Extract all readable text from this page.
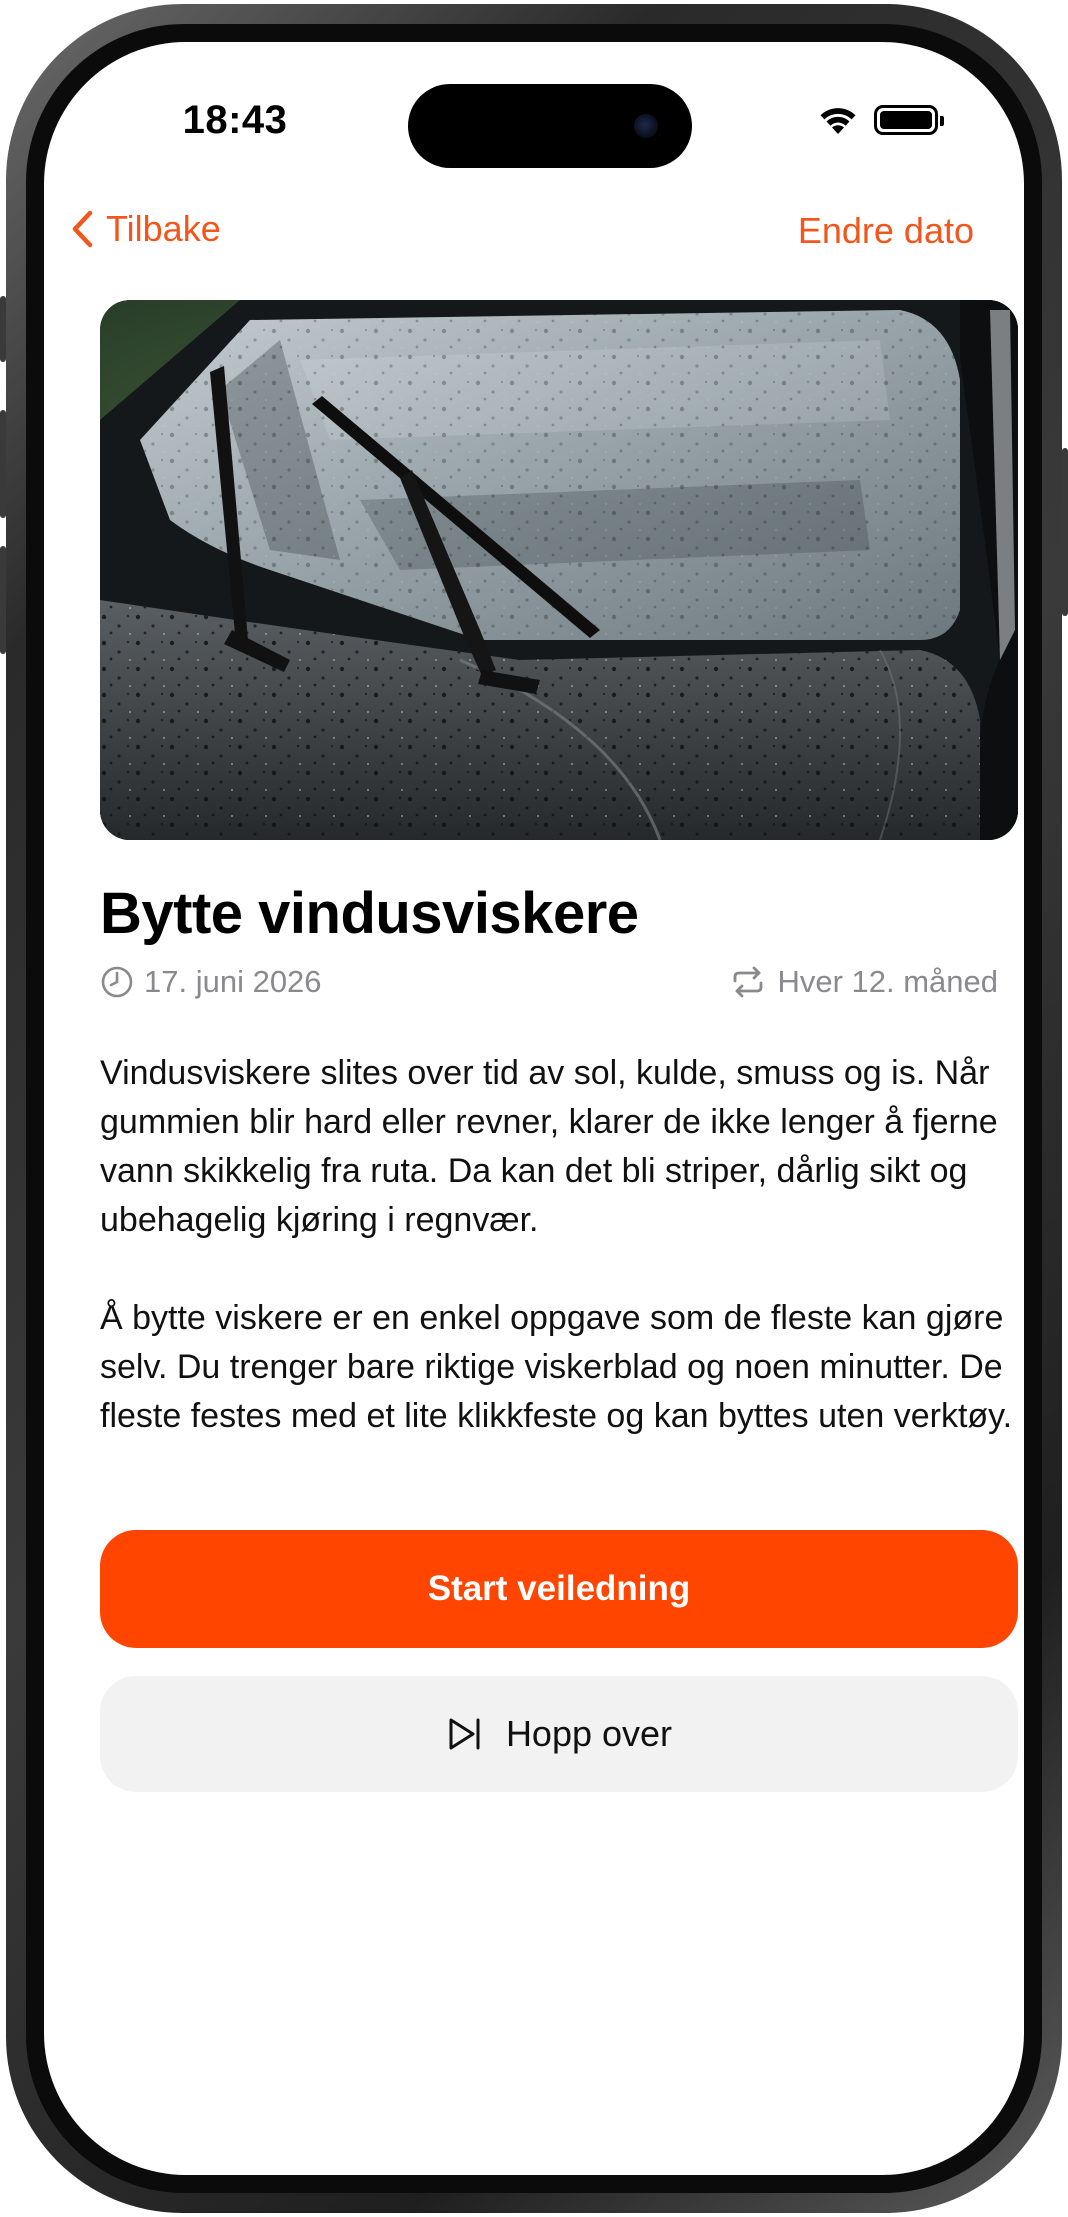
18:43
Tilbake	Endre dato
Bytte vindusviskere
17. juni 2026	Hver 12. måned

Vindusviskere slites over tid av sol, kulde, smuss og is. Når gummien blir hard eller revner, klarer de ikke lenger å fjerne vann skikkelig fra ruta. Da kan det bli striper, dårlig sikt og ubehagelig kjøring i regnvær.

Å bytte viskere er en enkel oppgave som de fleste kan gjøre selv. Du trenger bare riktige viskerblad og noen minutter. De fleste festes med et lite klikkfeste og kan byttes uten verktøy.

Start veiledning
Hopp over
